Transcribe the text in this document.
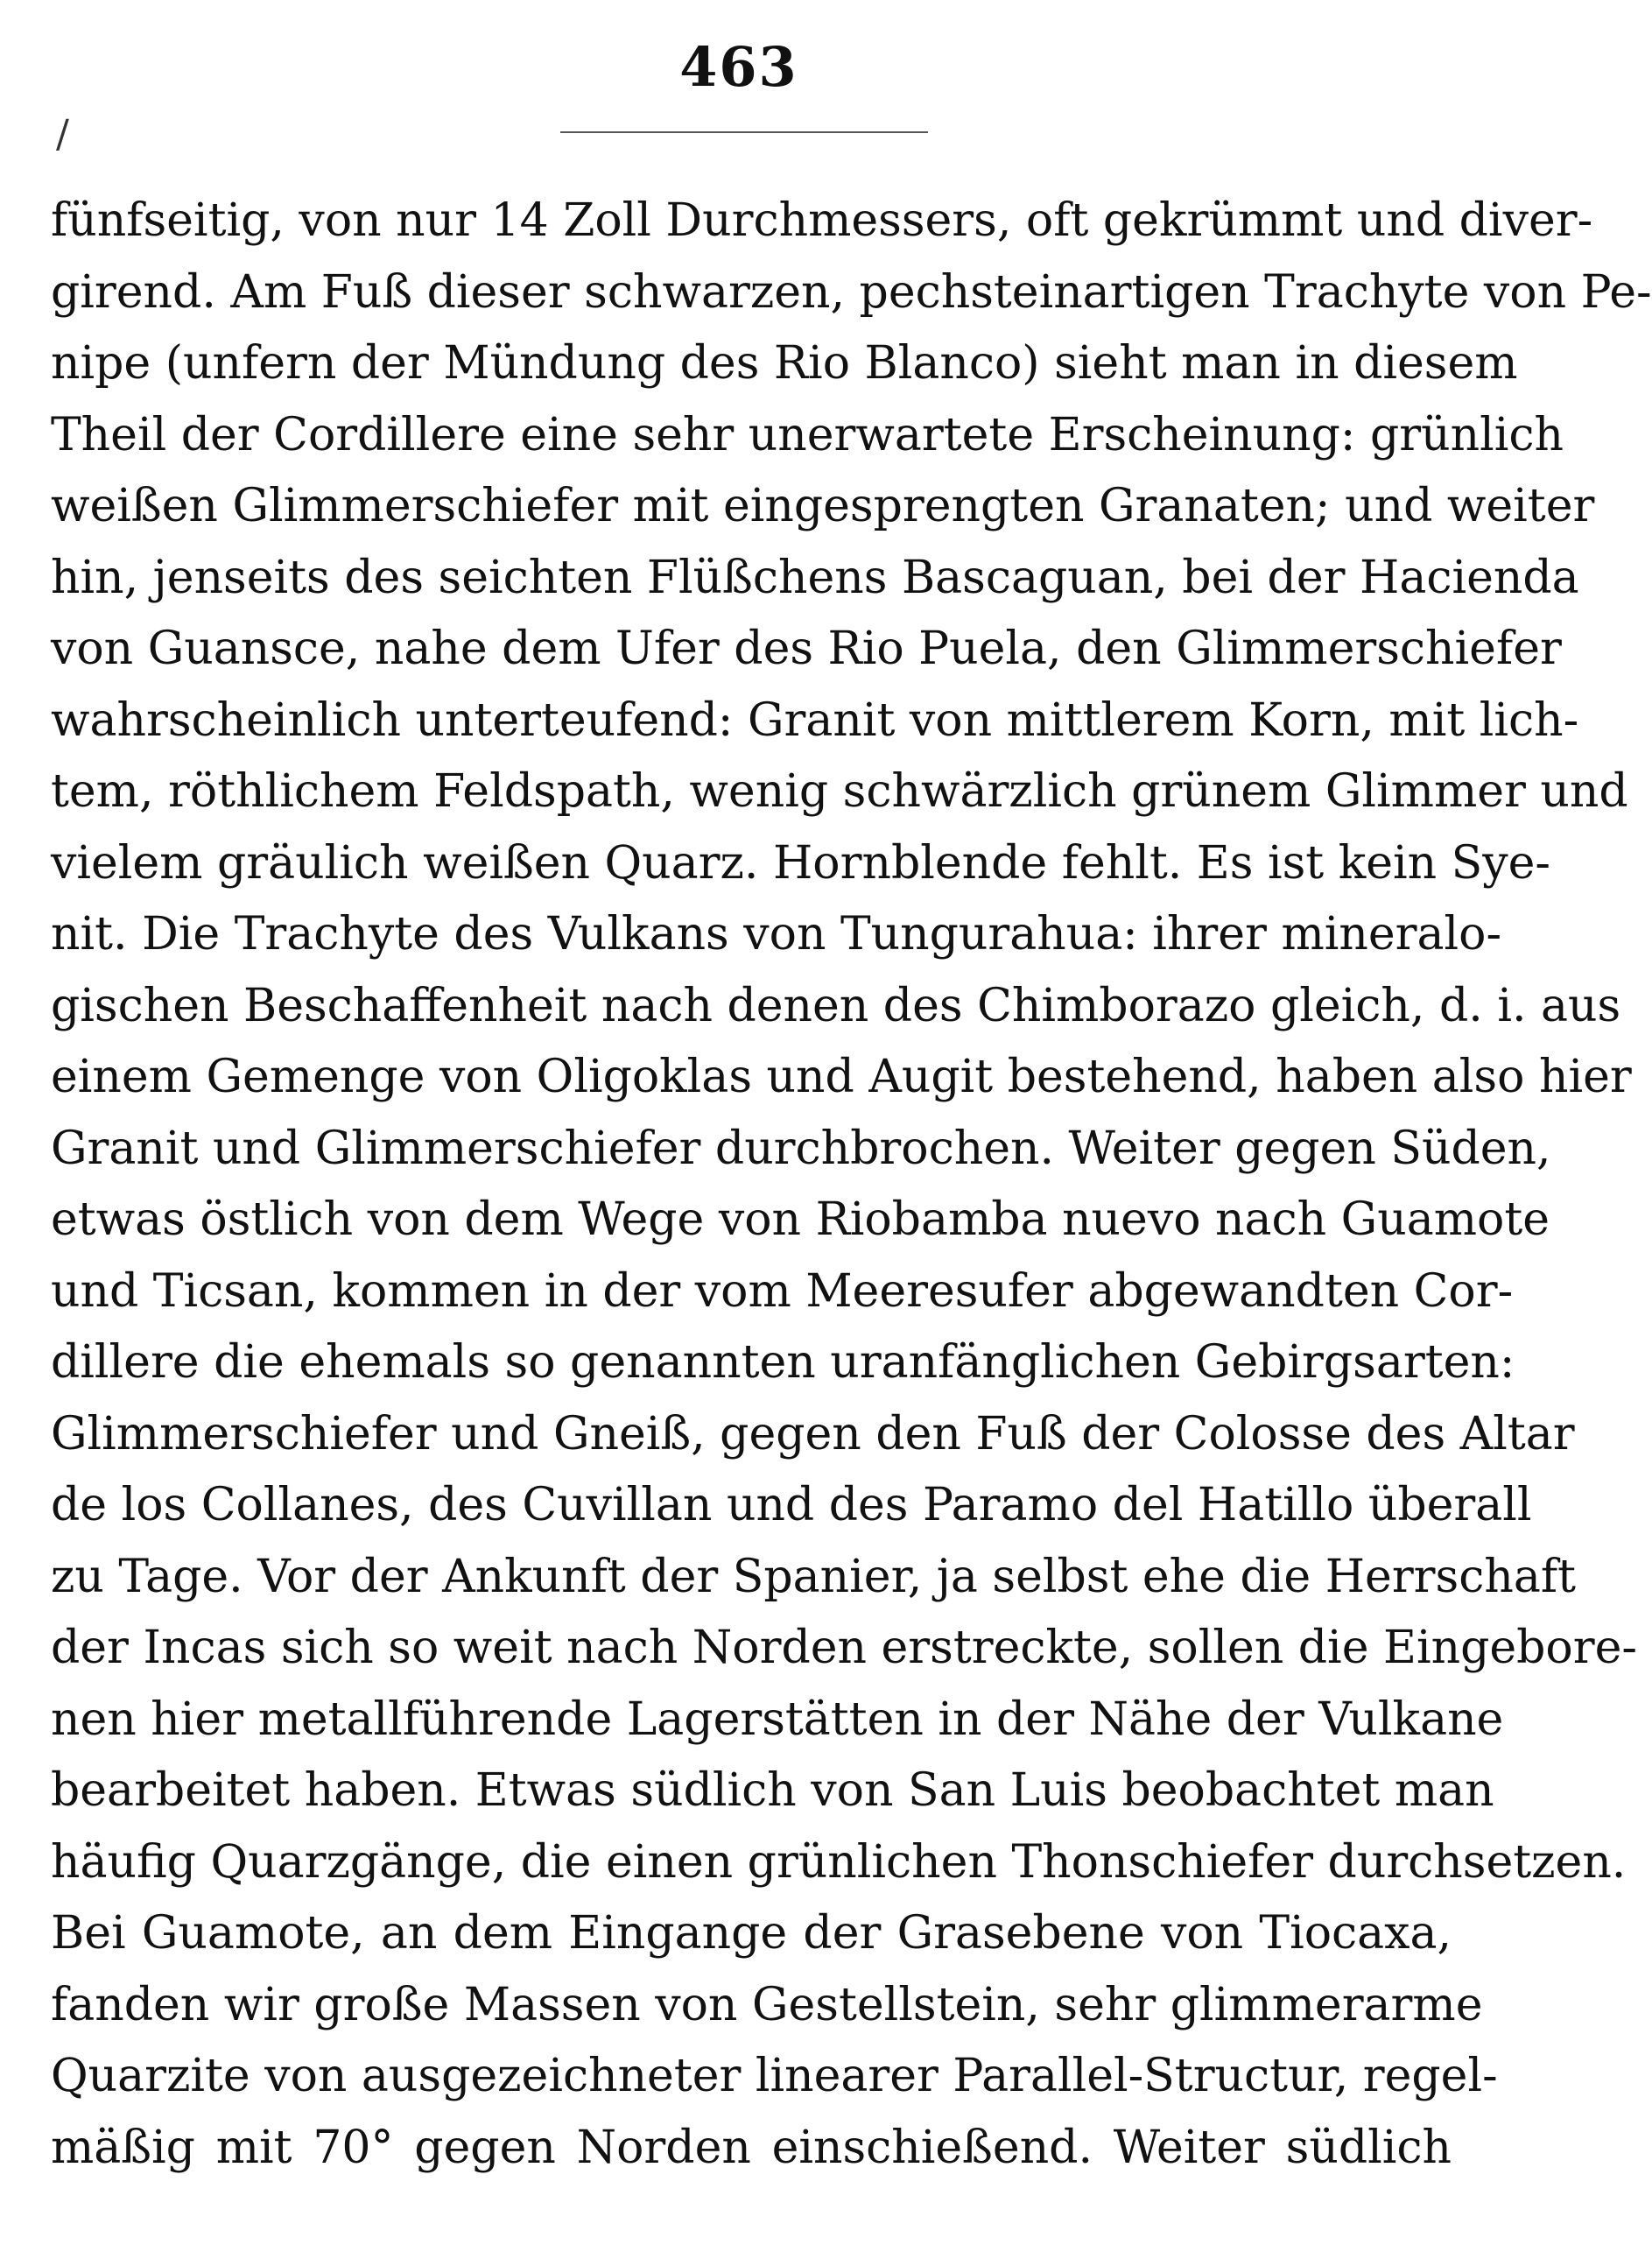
463
/
fünfseitig, von nur 14 Zoll Durchmessers, oft gekrümmt und diver-
girend. Am Fuß dieser schwarzen, pechsteinartigen Trachyte von Pe-
nipe (unfern der Mündung des Rio Blanco) sieht man in diesem
Theil der Cordillere eine sehr unerwartete Erscheinung: grünlich
weißen Glimmerschiefer mit eingesprengten Granaten; und weiter
hin, jenseits des seichten Flüßchens Bascaguan, bei der Hacienda
von Guansce, nahe dem Ufer des Rio Puela, den Glimmerschiefer
wahrscheinlich unterteufend: Granit von mittlerem Korn, mit lich-
tem, röthlichem Feldspath, wenig schwärzlich grünem Glimmer und
vielem gräulich weißen Quarz. Hornblende fehlt. Es ist kein Sye-
nit. Die Trachyte des Vulkans von Tungurahua: ihrer mineralo-
gischen Beschaffenheit nach denen des Chimborazo gleich, d. i. aus
einem Gemenge von Oligoklas und Augit bestehend, haben also hier
Granit und Glimmerschiefer durchbrochen. Weiter gegen Süden,
etwas östlich von dem Wege von Riobamba nuevo nach Guamote
und Ticsan, kommen in der vom Meeresufer abgewandten Cor-
dillere die ehemals so genannten uranfänglichen Gebirgsarten:
Glimmerschiefer und Gneiß, gegen den Fuß der Colosse des Altar
de los Collanes, des Cuvillan und des Paramo del Hatillo überall
zu Tage. Vor der Ankunft der Spanier, ja selbst ehe die Herrschaft
der Incas sich so weit nach Norden erstreckte, sollen die Eingebore-
nen hier metallführende Lagerstätten in der Nähe der Vulkane
bearbeitet haben. Etwas südlich von San Luis beobachtet man
häufig Quarzgänge, die einen grünlichen Thonschiefer durchsetzen.
Bei Guamote, an dem Eingange der Grasebene von Tiocaxa,
fanden wir große Massen von Gestellstein, sehr glimmerarme
Quarzite von ausgezeichneter linearer Parallel-Structur, regel-
mäßig mit 70° gegen Norden einschießend. Weiter südlich
